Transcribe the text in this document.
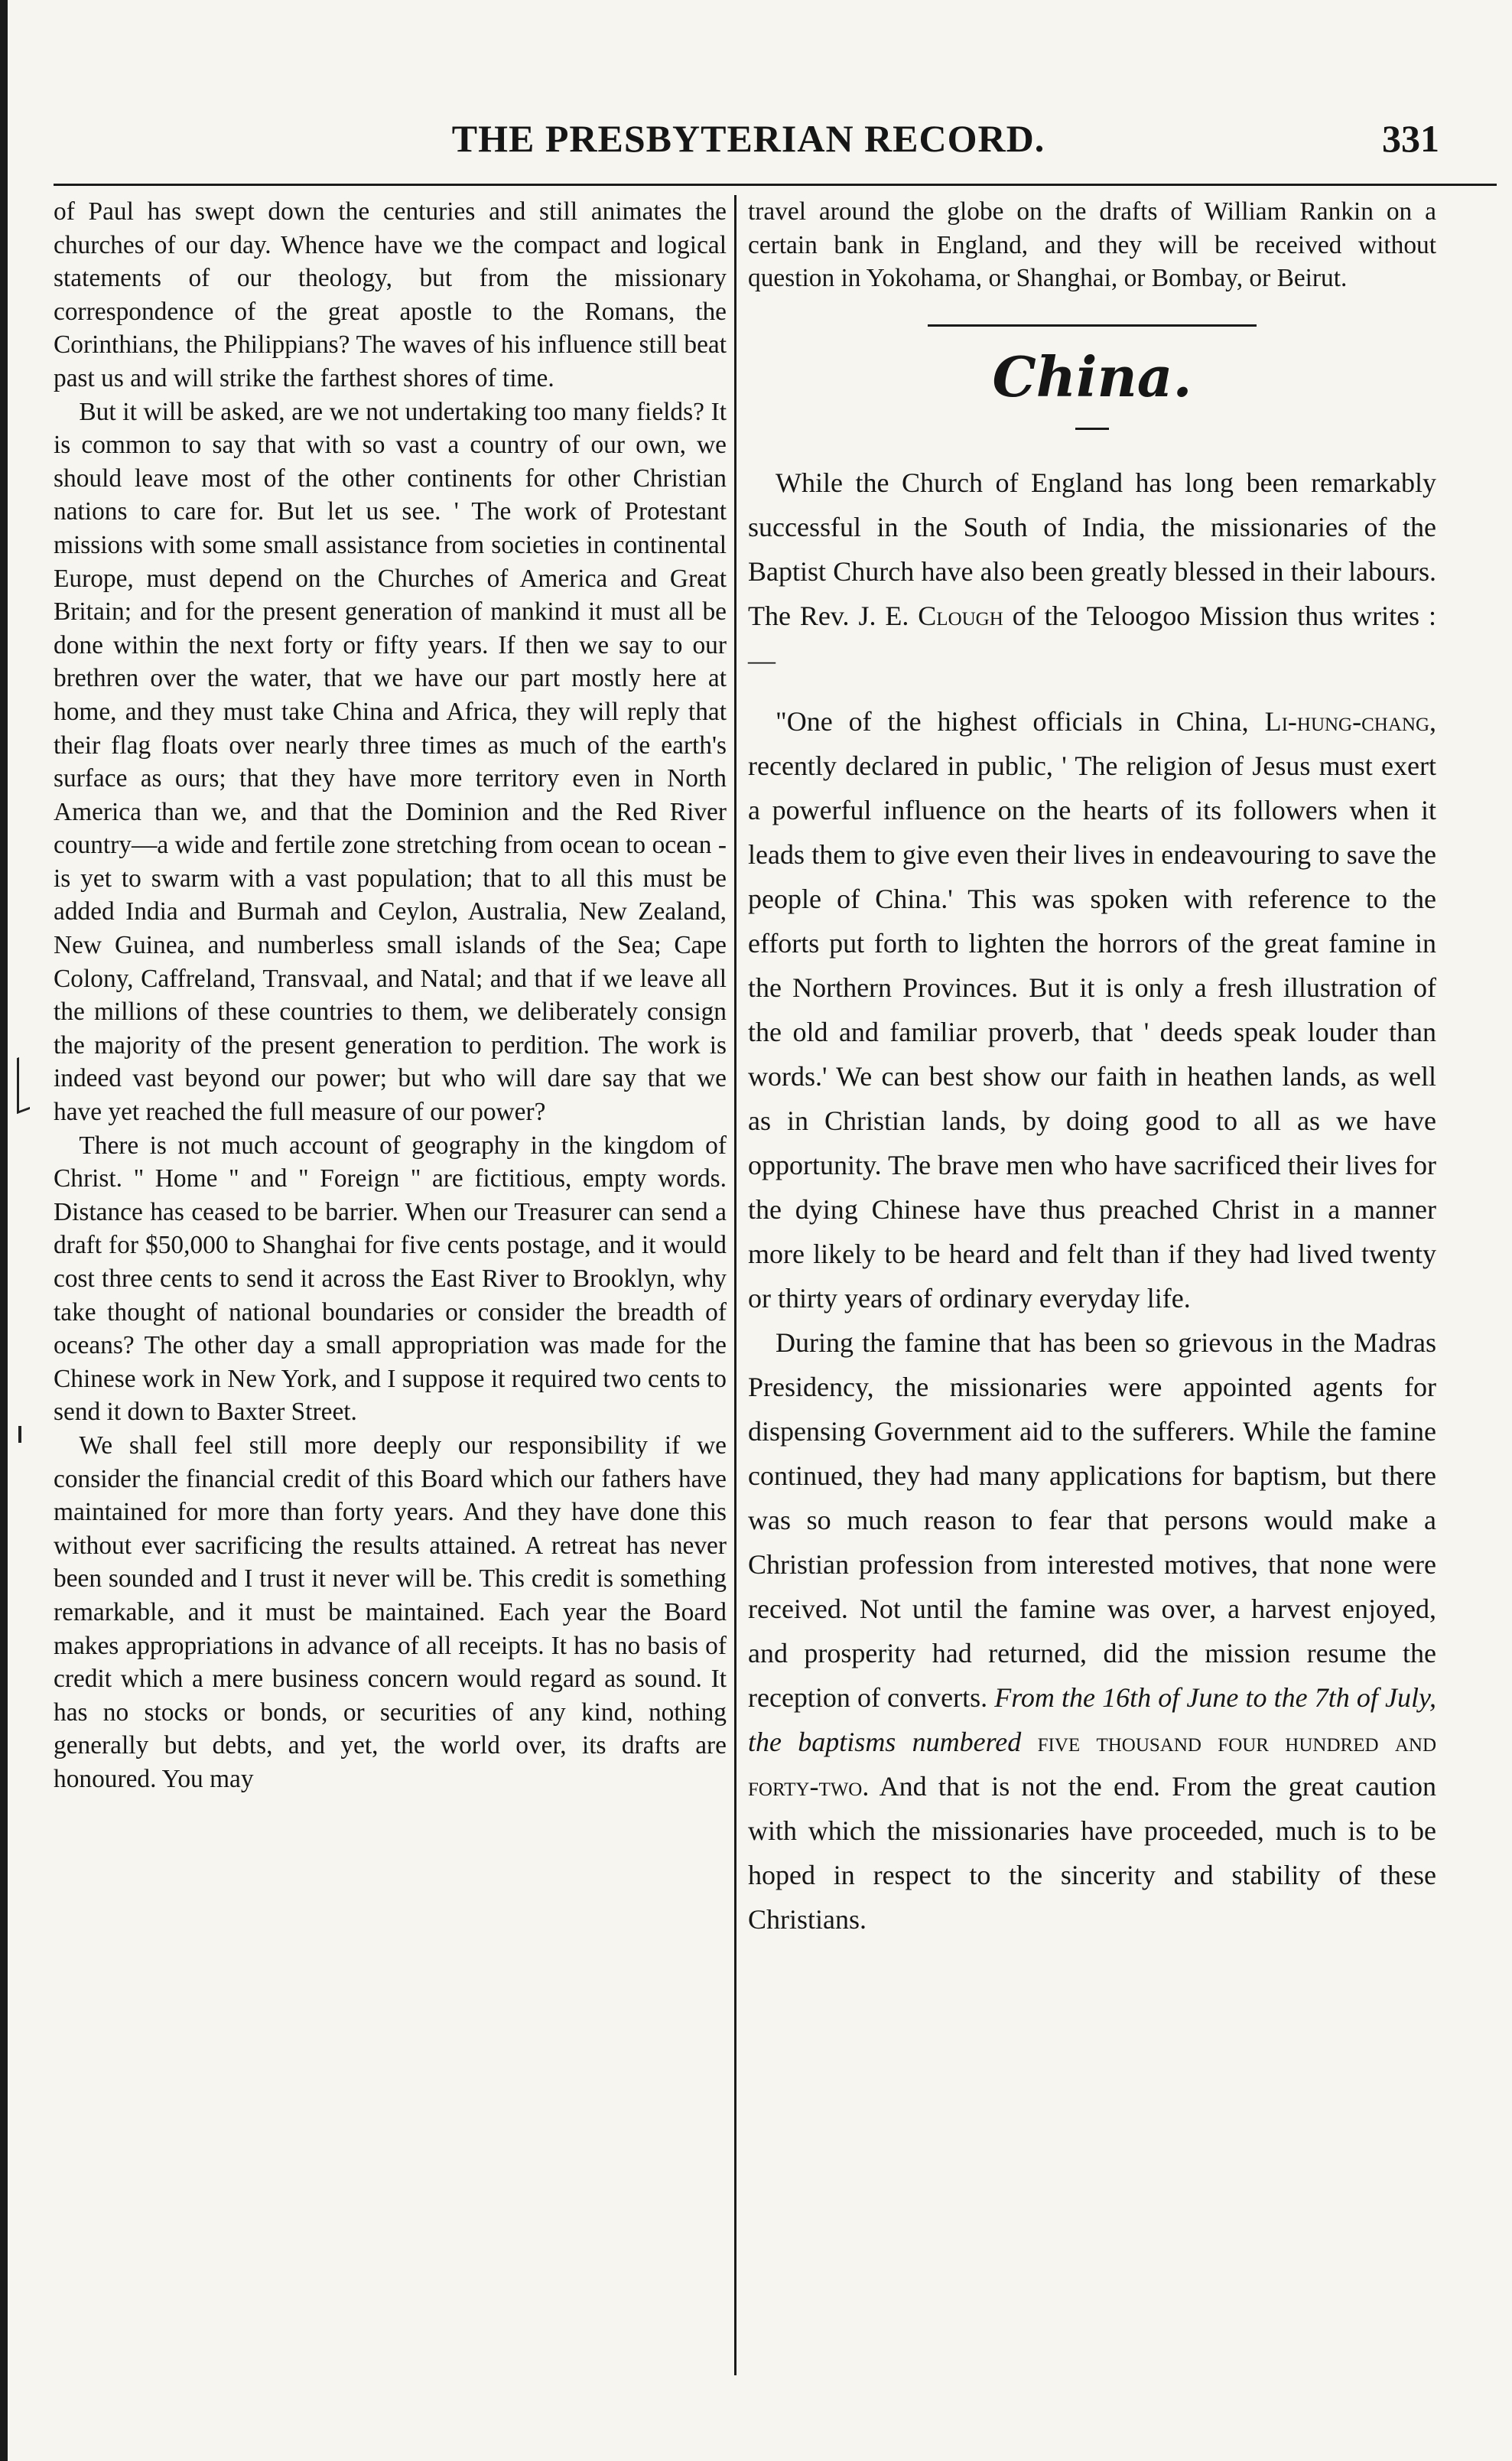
THE PRESBYTERIAN RECORD.	331

of Paul has swept down the centuries and still animates the churches of our day. Whence have we the compact and logical statements of our theology, but from the missionary correspondence of the great apostle to the Romans, the Corinthians, the Philippians? The waves of his influence still beat past us and will strike the farthest shores of time.

But it will be asked, are we not undertaking too many fields? It is common to say that with so vast a country of our own, we should leave most of the other continents for other Christian nations to care for. But let us see. ' The work of Protestant missions with some small assistance from societies in continental Europe, must depend on the Churches of America and Great Britain; and for the present generation of mankind it must all be done within the next forty or fifty years. If then we say to our brethren over the water, that we have our part mostly here at home, and they must take China and Africa, they will reply that their flag floats over nearly three times as much of the earth's surface as ours; that they have more territory even in North America than we, and that the Dominion and the Red River country—a wide and fertile zone stretching from ocean to ocean - is yet to swarm with a vast population; that to all this must be added India and Burmah and Ceylon, Australia, New Zealand, New Guinea, and numberless small islands of the Sea; Cape Colony, Caffreland, Transvaal, and Natal; and that if we leave all the millions of these countries to them, we deliberately consign the majority of the present generation to perdition. The work is indeed vast beyond our power; but who will dare say that we have yet reached the full measure of our power?

There is not much account of geography in the kingdom of Christ. " Home " and " Foreign " are fictitious, empty words. Distance has ceased to be barrier. When our Treasurer can send a draft for $50,000 to Shanghai for five cents postage, and it would cost three cents to send it across the East River to Brooklyn, why take thought of national boundaries or consider the breadth of oceans? The other day a small appropriation was made for the Chinese work in New York, and I suppose it required two cents to send it down to Baxter Street.

We shall feel still more deeply our responsibility if we consider the financial credit of this Board which our fathers have maintained for more than forty years. And they have done this without ever sacrificing the results attained. A retreat has never been sounded and I trust it never will be. This credit is something remarkable, and it must be maintained. Each year the Board makes appropriations in advance of all receipts. It has no basis of credit which a mere business concern would regard as sound. It has no stocks or bonds, or securities of any kind, nothing generally but debts, and yet, the world over, its drafts are honoured. You may

travel around the globe on the drafts of William Rankin on a certain bank in England, and they will be received without question in Yokohama, or Shanghai, or Bombay, or Beirut.

China.

While the Church of England has long been remarkably successful in the South of India, the missionaries of the Baptist Church have also been greatly blessed in their labours. The Rev. J. E. Clough of the Teloogoo Mission thus writes :—

"One of the highest officials in China, Li-hung-chang, recently declared in public, ' The religion of Jesus must exert a powerful influence on the hearts of its followers when it leads them to give even their lives in endeavouring to save the people of China.' This was spoken with reference to the efforts put forth to lighten the horrors of the great famine in the Northern Provinces. But it is only a fresh illustration of the old and familiar proverb, that ' deeds speak louder than words.' We can best show our faith in heathen lands, as well as in Christian lands, by doing good to all as we have opportunity. The brave men who have sacrificed their lives for the dying Chinese have thus preached Christ in a manner more likely to be heard and felt than if they had lived twenty or thirty years of ordinary everyday life.

During the famine that has been so grievous in the Madras Presidency, the missionaries were appointed agents for dispensing Government aid to the sufferers. While the famine continued, they had many applications for baptism, but there was so much reason to fear that persons would make a Christian profession from interested motives, that none were received. Not until the famine was over, a harvest enjoyed, and prosperity had returned, did the mission resume the reception of converts. From the 16th of June to the 7th of July, the baptisms numbered five thousand four hundred and forty-two. And that is not the end. From the great caution with which the missionaries have proceeded, much is to be hoped in respect to the sincerity and stability of these Christians.
